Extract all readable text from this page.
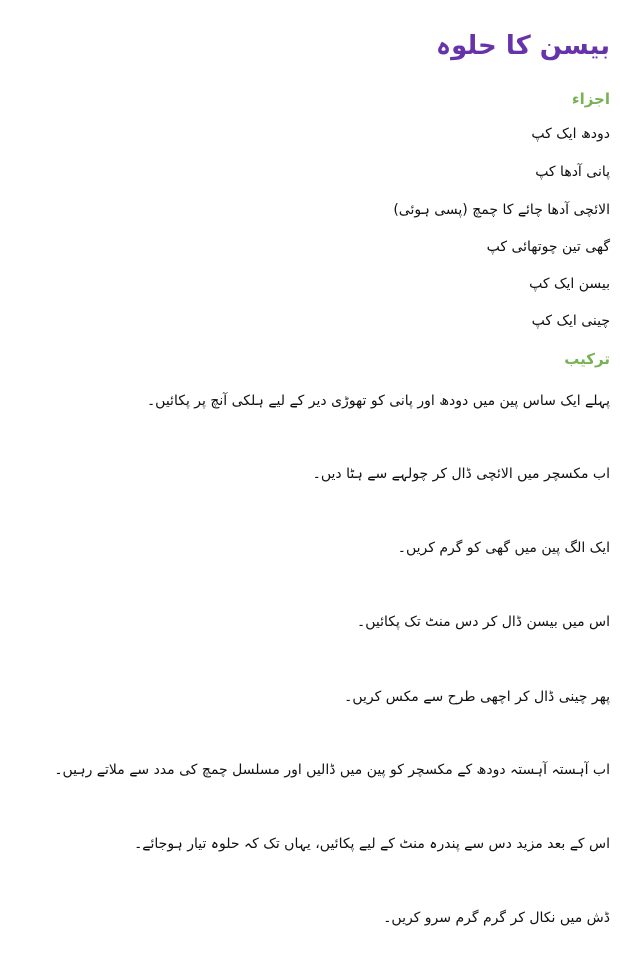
بیسن کا حلوہ
اجزاء
دودھ ایک کپ
پانی آدھا کپ
الائچی آدھا چائے کا چمچ (پسی ہوئی)
گھی تین چوتھائی کپ
بیسن ایک کپ
چینی ایک کپ
ترکیب
پہلے ایک ساس پین میں دودھ اور پانی کو تھوڑی دیر کے لیے ہلکی آنچ پر پکائیں۔
اب مکسچر میں الائچی ڈال کر چولہے سے ہٹا دیں۔
ایک الگ پین میں گھی کو گرم کریں۔
اس میں بیسن ڈال کر دس منٹ تک پکائیں۔
پھر چینی ڈال کر اچھی طرح سے مکس کریں۔
اب آہستہ آہستہ دودھ کے مکسچر کو پین میں ڈالیں اور مسلسل چمچ کی مدد سے ملاتے رہیں۔
اس کے بعد مزید دس سے پندرہ منٹ کے لیے پکائیں، یہاں تک کہ حلوہ تیار ہوجائے۔
ڈش میں نکال کر گرم گرم سرو کریں۔
